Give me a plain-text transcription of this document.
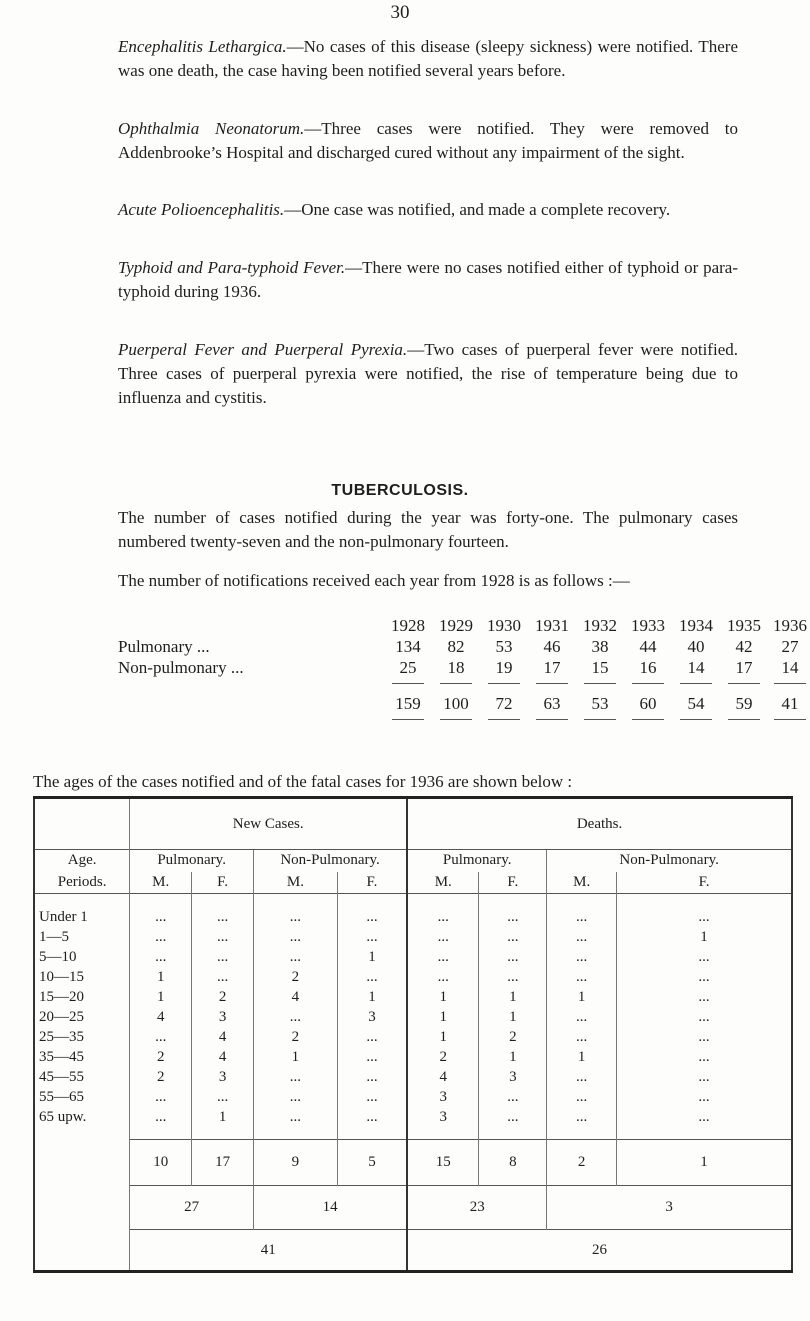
30

Encephalitis Lethargica.—No cases of this disease (sleepy sickness) were notified. There was one death, the case having been notified several years before.

Ophthalmia Neonatorum.—Three cases were notified. They were removed to Addenbrooke’s Hospital and discharged cured without any impairment of the sight.

Acute Polioencephalitis.—One case was notified, and made a complete recovery.

Typhoid and Para-typhoid Fever.—There were no cases notified either of typhoid or para-typhoid during 1936.

Puerperal Fever and Puerperal Pyrexia.—Two cases of puerperal fever were notified. Three cases of puerperal pyrexia were notified, the rise of temperature being due to influenza and cystitis.

TUBERCULOSIS.

The number of cases notified during the year was forty-one. The pulmonary cases numbered twenty-seven and the non-pulmonary fourteen.

The number of notifications received each year from 1928 is as follows :—

1928 1929 1930 1931 1932 1933 1934 1935 1936
Pulmonary ...	134	82	53	46	38	44	40	42	27
Non-pulmonary ...	25	18	19	17	15	16	14	17	14
159	100	72	63	53	60	54	59	41
The ages of the cases notified and of the fatal cases for 1936 are shown below :
	New Cases.				Deaths.			
Age.	Pulmonary.		Non-Pulmonary.		Pulmonary.		Non-Pulmonary.	
Periods.	M.	F.	M.	F.	M.	F.	M.	F.

Under 1	...	...	...	...	...	...	...	...
1—5	...	...	...	...	...	...	...	1
5—10	...	...	...	1	...	...	...	...
10—15	1	...	2	...	...	...	...	...
15—20	1	2	4	1	1	1	1	...
20—25	4	3	...	3	1	1	...	...
25—35	...	4	2	...	1	2	...	...
35—45	2	4	1	...	2	1	1	...
45—55	2	3	...	...	4	3	...	...
55—65	...	...	...	...	3	...	...	...
65 upw.	...	1	...	...	3	...	...	...

	10	17	9	5	15	8	2	1
	27		14		23		3	
	41				26			
